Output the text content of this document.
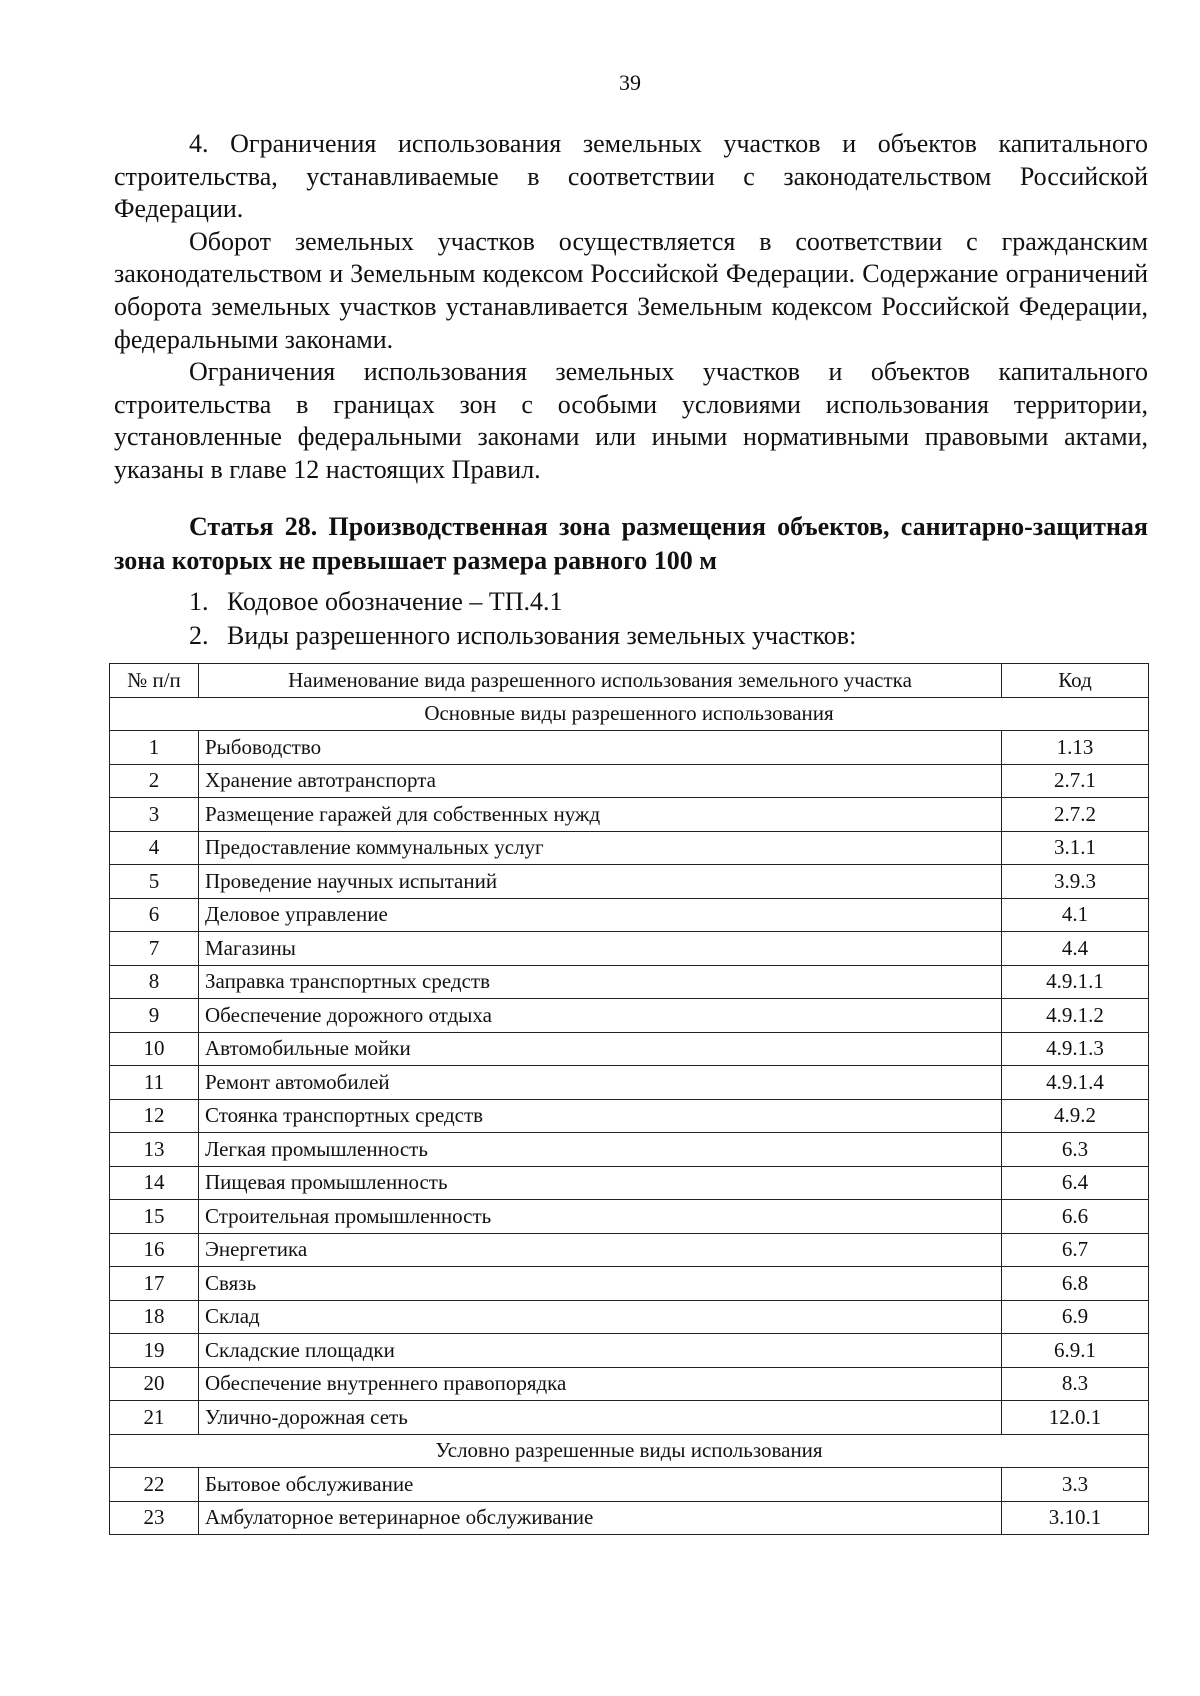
39

4. Ограничения использования земельных участков и объектов капитального строительства, устанавливаемые в соответствии с законодательством Российской Федерации.

Оборот земельных участков осуществляется в соответствии с гражданским законодательством и Земельным кодексом Российской Федерации. Содержание ограничений оборота земельных участков устанавливается Земельным кодексом Российской Федерации, федеральными законами.

Ограничения использования земельных участков и объектов капитального строительства в границах зон с особыми условиями использования территории, установленные федеральными законами или иными нормативными правовыми актами, указаны в главе 12 настоящих Правил.

Статья 28. Производственная зона размещения объектов, санитарно-защитная зона которых не превышает размера равного 100 м

1. Кодовое обозначение – ТП.4.1
2. Виды разрешенного использования земельных участков:
№ п/п	Наименование вида разрешенного использования земельного участка	Код
Основные виды разрешенного использования		
1	Рыбоводство	1.13
2	Хранение автотранспорта	2.7.1
3	Размещение гаражей для собственных нужд	2.7.2
4	Предоставление коммунальных услуг	3.1.1
5	Проведение научных испытаний	3.9.3
6	Деловое управление	4.1
7	Магазины	4.4
8	Заправка транспортных средств	4.9.1.1
9	Обеспечение дорожного отдыха	4.9.1.2
10	Автомобильные мойки	4.9.1.3
11	Ремонт автомобилей	4.9.1.4
12	Стоянка транспортных средств	4.9.2
13	Легкая промышленность	6.3
14	Пищевая промышленность	6.4
15	Строительная промышленность	6.6
16	Энергетика	6.7
17	Связь	6.8
18	Склад	6.9
19	Складские площадки	6.9.1
20	Обеспечение внутреннего правопорядка	8.3
21	Улично-дорожная сеть	12.0.1
Условно разрешенные виды использования		
22	Бытовое обслуживание	3.3
23	Амбулаторное ветеринарное обслуживание	3.10.1
